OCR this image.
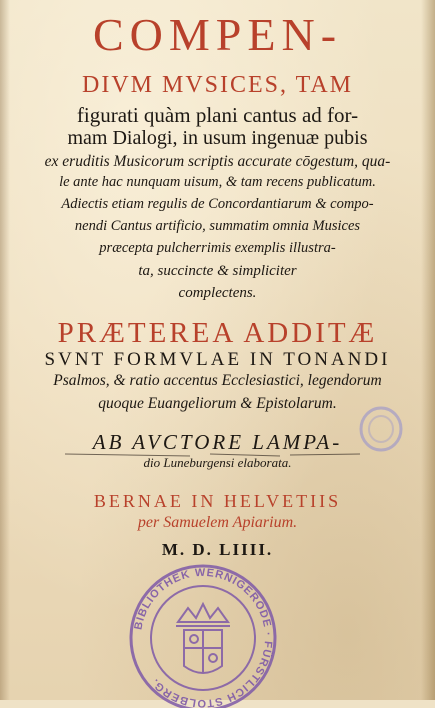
COMPEN-
DIVM MVSICES, TAM
figurati quàm plani cantus ad for-
mam Dialogi, in usum ingenuæ pubis
ex eruditis Musicorum scriptis accurate cōgestum, qua-
le ante hac nunquam uisum, & tam recens publicatum.
Adiectis etiam regulis de Concordantiarum & compo-
nendi Cantus artificio, summatim omnia Musices
præcepta pulcherrimis exemplis illustra-
ta, succincte & simpliciter
complectens.
PRÆTEREA ADDITÆ
SVNT FORMVLAE IN TONANDI
Psalmos, & ratio accentus Ecclesiastici, legendorum
quoque Euangeliorum & Epistolarum.
AB AVCTORE LAMPA-
dio Luneburgensi elaborata.
BERNAE IN HELVETIIS
per Samuelem Apiarium.
M. D. LIIII.
BIBLIOTHEK WERNIGERODE · FÜRSTLICH STOLBERG.
